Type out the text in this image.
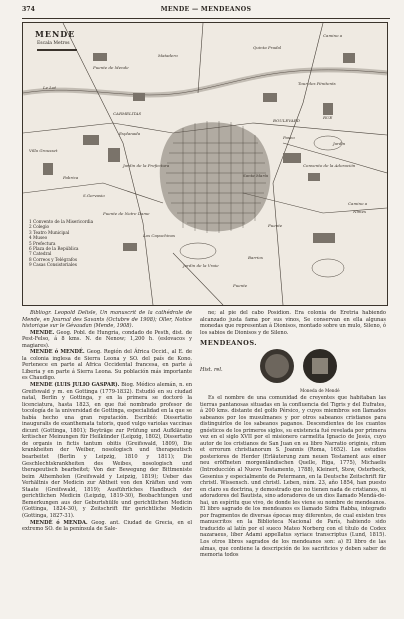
374	MENDE — MENDEANOS
MENDE
Escala Metros
Puente de Mende
Matadero
Quinta Pradal
Camino a
CARMELITAS
BOULEVARD
Villa Grousset
Fabrica
Esplanada
Paseo
Jardin de la Prefectura
S.Gervasio
Puente de Notre Dame
Los Capuchinos
Jardin de la Vraie
Fuente
Camino a
Nîmes
Puente
Tour des Pénitents
Convento de la Adoración
Jardin
Le Lot
RUE
Santa María
Barrios
1 Convento de la Misericordia
2 Colegio
3 Teatro Municipal
4 Museo
5 Prefectura
6 Plaza de la República
7 Catedral
8 Correos y Telégrafos
9 Casas Consistoriales

Bibliogr. Leopold Delisle, Un manuscrit de la cathédrale de Mende, en Journal des Savants (Octubre de 1908); Oller, Notice historique sur le Gévaudan (Mende, 1908).

MENDE. Geog. Pobl. de Hungria, condado de Pesth, dist. de Pest-Felso, á 8 kms. N. de Nenow; 1,200 h. (eslovacos y magiares).

MENDE ó MENDÉ. Geog. Región del África Occid., al E. de la colonia inglesa de Sierra Leona y SO. del país de Kono. Pertenece en parte al Africa Occidental francesa, en parte á Liberia y en parte á Sierra Leona. Su población más importante es Chaudigo.

MENDE (LUIS JULIO GASPAR). Biog. Médico alemán, n. en Greifswald y m. en Gottinga (1779-1832). Estudió en su ciudad natal, Berlin y Gottinga, y en la primera se doctoró la licenciatura, hasta 1823, en que fué nombrado profesor de tocología de la universidad de Gottinga, especialidad en la que se había hecho una gran reputación. Escribió: Dissertatio inauguralis de exanthemata tutoris, quod vulgo variolas vaccinas dicunt (Gottinga, 1801); Beyträge zur Prüfung und Aufklärung kritischer Meinungen für Heilkünder (Leipzig, 1802), Dissertatio de organis in fictis tantum obitis (Greifswald, 1809), Die krankheiten der Weiber, nosologisch und therapeutisch bearbeitet (Berlin y Leipzig, 1810 y 1811); Die Geschlechtskrankheiten des Weibes, nosologisch und therapeutisch bearbeitet; Von der Bewegung der Bittmeniste beim Athemholen (Greifswald y Leipzig, 1819); Ueber das Verhältnis der Medicin zur Abtheit von den Kräften und vom Staate (Greifswald, 1819); Ausführliches Handbuch der gerichtlichen Medicin (Leipzig, 1819-30), Beobachtungen und Bemerkungen aus der Geburtshülfe und gerichtlichen Medicin (Gottinga, 1824-30), y Zeitschrift für gerichtliche Medicin (Gottinga, 1827-31).

MENDÉ ó MENDA. Geog. ant. Ciudad de Grecia, en el extremo SO. de la península de Sale-

ne; al pie del cabo Posidion. Era colonia de Eretria habiendo alcanzado justa fama por sus vinos, Se conservan en ella algunas monedas que representan á Dionisos, montado sobre un mulo, Sileno, ó los sabios de Dionisos y de Sileno.

MENDEANOS.
Hist. rel.
Moneda de Mendé

Es el nombre de una comunidad de creyentes que habitaban las tierras pantanosas situadas en la confluencia del Tigris y del Eufrates, á 200 kms. distante del golfo Pérsico, y cuyos miembros son llamados sabeanos por los musulmanes y por otros sabeanos cristianos para distinguirlos de los sabeanos paganos. Descendientes de los cuantos gnósticos de los primeros siglos, su existencia fué revelada por primera vez en el siglo XVII por el misionero carmelita Ignacio de Jesús, cuyo autor de los cristianos de San Juan en su libro Narratio originis, ritum et errorum christianorum S. Joannis (Roma, 1652). Los estudios posteriores de Herder (Erläuterung zum neuen Testament aus einer neu eröffneten morgenländischen Quelle, Riga, 1775), Michaelis (Introducción al Nuevo Testamento, 1788), Kleinert, Stew, Osterbeck, Gesenius y especialmente de Petermann, en la Deutsche Zeitschrift für christl. Wissensch. und christl. Leben, núm. 23, año 1854, han puesto en claro su doctrina, y demostrado que no tienen nada de cristianos, ni adoradores del Bautista, sino adoradores de un dios llamado Mendá-de-hai, un espíritu que vivo, de donde les viene su nombre de mendeanos. El libro sagrado de los mendeanos es llamado Sidra Rabba, integrado por fragmentos de diversas épocas muy diferentes, de cual existen tres manuscritos en la Biblioteca Nacional de París, habiendo sido traducido al latín por el sueco Mateo Norberg con el título de Codex nazaraeus, liber Adami appellatus syriace transcriptus (Lund, 1815). Los otros libros sagrados de los mendeanos son: a) El libro de las almas, que contiene la descripción de los sacrificios y deben saber de memoria todos
